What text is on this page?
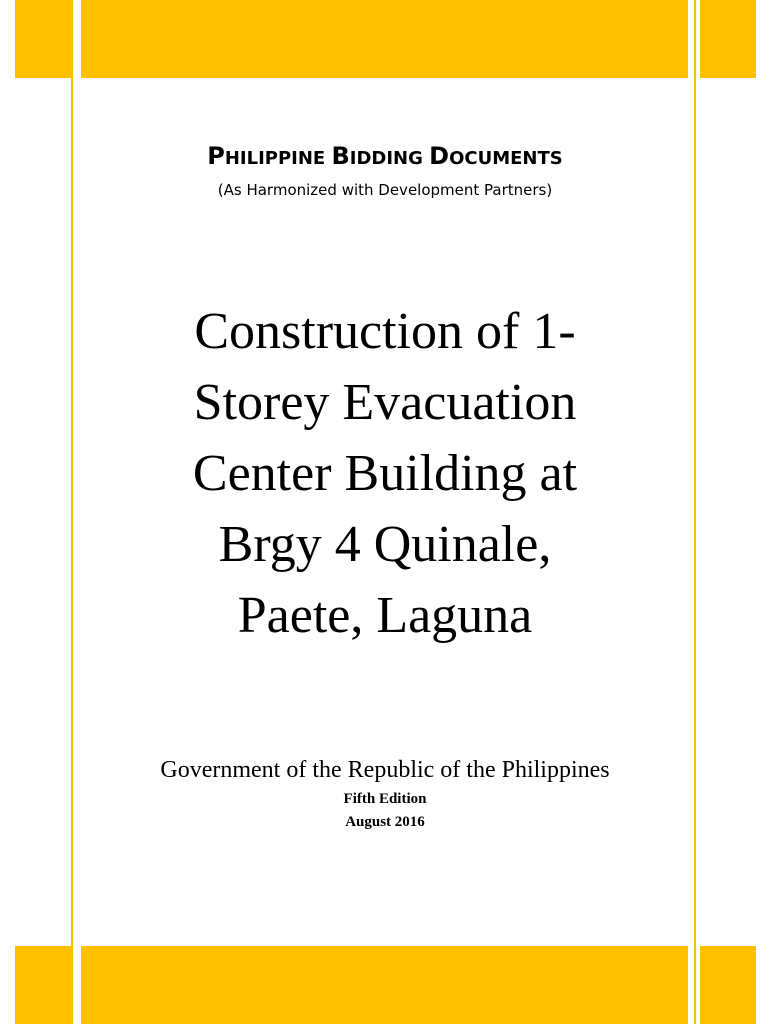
PHILIPPINE BIDDING DOCUMENTS
(As Harmonized with Development Partners)
Construction of 1-
Storey Evacuation
Center Building at
Brgy 4 Quinale,
Paete, Laguna
Government of the Republic of the Philippines
Fifth Edition
August 2016
